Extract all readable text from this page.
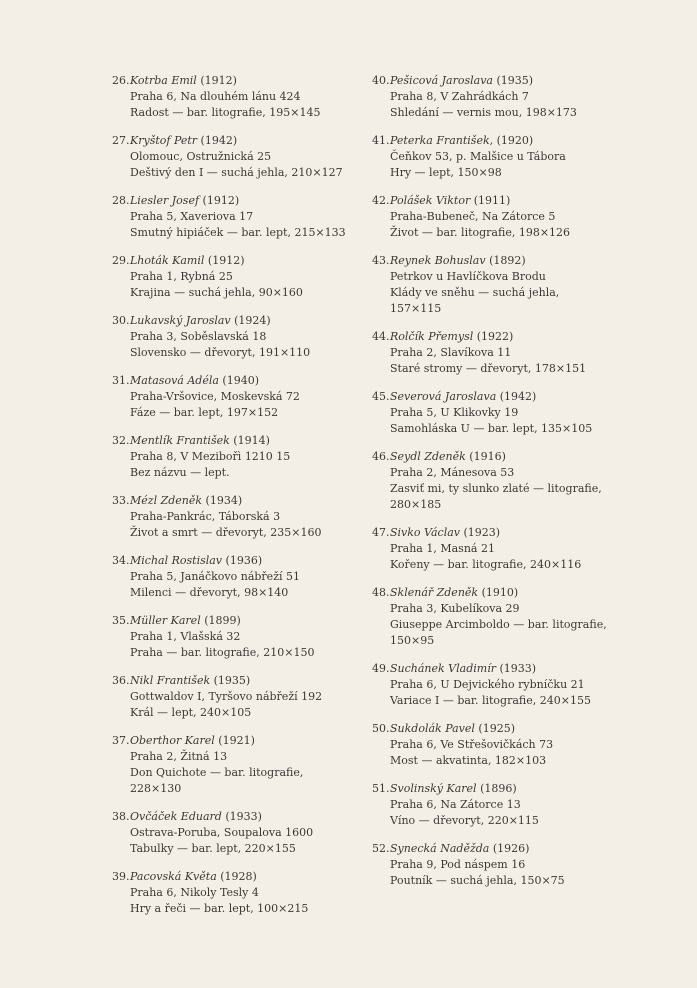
26. Kotrba Emil (1912)
Praha 6, Na dlouhém lánu 424
Radost — bar. litografie, 195×145
27. Kryštof Petr (1942)
Olomouc, Ostružnická 25
Deštivý den I — suchá jehla, 210×127
28. Liesler Josef (1912)
Praha 5, Xaveriova 17
Smutný hipiáček — bar. lept, 215×133
29. Lhoták Kamil (1912)
Praha 1, Rybná 25
Krajina — suchá jehla, 90×160
30. Lukavský Jaroslav (1924)
Praha 3, Soběslavská 18
Slovensko — dřevoryt, 191×110
31. Matasová Adéla (1940)
Praha-Vršovice, Moskevská 72
Fáze — bar. lept, 197×152
32. Mentlík František (1914)
Praha 8, V Mezibořì 1210 15
Bez názvu — lept.
33. Mézl Zdeněk (1934)
Praha-Pankrác, Táborská 3
Život a smrt — dřevoryt, 235×160
34. Michal Rostislav (1936)
Praha 5, Janáčkovo nábřeží 51
Milenci — dřevoryt, 98×140
35. Müller Karel (1899)
Praha 1, Vlašská 32
Praha — bar. litografie, 210×150
36. Nikl František (1935)
Gottwaldov I, Tyršovo nábřeží 192
Král — lept, 240×105
37. Oberthor Karel (1921)
Praha 2, Žitná 13
Don Quichote — bar. litografie,
228×130
38. Ovčáček Eduard (1933)
Ostrava-Poruba, Soupalova 1600
Tabulky — bar. lept, 220×155
39. Pacovská Květa (1928)
Praha 6, Nikoly Tesly 4
Hry a řeči — bar. lept, 100×215
40. Pešicová Jaroslava (1935)
Praha 8, V Zahrádkách 7
Shledání — vernis mou, 198×173
41. Peterka František, (1920)
Čeňkov 53, p. Malšice u Tábora
Hry — lept, 150×98
42. Polášek Viktor (1911)
Praha-Bubeneč, Na Zátorce 5
Život — bar. litografie, 198×126
43. Reynek Bohuslav (1892)
Petrkov u Havlíčkova Brodu
Klády ve sněhu — suchá jehla,
157×115
44. Rolčík Přemysl (1922)
Praha 2, Slavíkova 11
Staré stromy — dřevoryt, 178×151
45. Severová Jaroslava (1942)
Praha 5, U Klikovky 19
Samohláska U — bar. lept, 135×105
46. Seydl Zdeněk (1916)
Praha 2, Mánesova 53
Zasviť mi, ty slunko zlaté — litografie,
280×185
47. Sivko Václav (1923)
Praha 1, Masná 21
Kořeny — bar. litografie, 240×116
48. Sklenář Zdeněk (1910)
Praha 3, Kubelíkova 29
Giuseppe Arcimboldo — bar. litografie,
150×95
49. Suchánek Vladimír (1933)
Praha 6, U Dejvického rybníčku 21
Variace I — bar. litografie, 240×155
50. Sukdolák Pavel (1925)
Praha 6, Ve Střešovičkách 73
Most — akvatinta, 182×103
51. Svolinský Karel (1896)
Praha 6, Na Zátorce 13
Víno — dřevoryt, 220×115
52. Synecká Naděžda (1926)
Praha 9, Pod náspem 16
Poutník — suchá jehla, 150×75
